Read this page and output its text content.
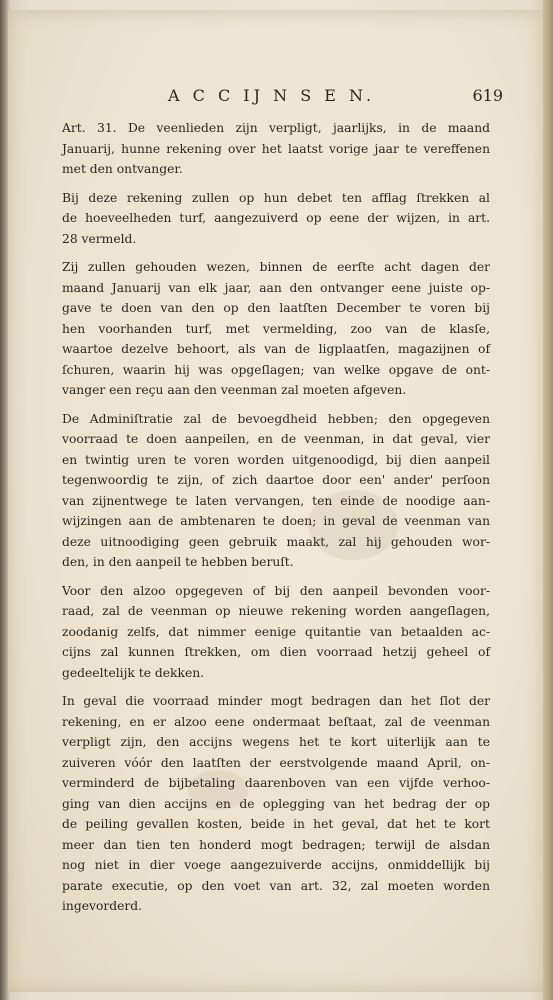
A C C IJ N S E N.	619
Art. 31. De veenlieden zijn verpligt, jaarlijks, in de maand
Januarij, hunne rekening over het laatst vorige jaar te vereffenen
met den ontvanger.
Bij deze rekening zullen op hun debet ten afflag ſtrekken al
de hoeveelheden turf, aangezuiverd op eene der wijzen, in art.
28 vermeld.
Zij zullen gehouden wezen, binnen de eerſte acht dagen der
maand Januarij van elk jaar, aan den ontvanger eene juiste op-
gave te doen van den op den laatſten December te voren bij
hen voorhanden turf, met vermelding, zoo van de klasſe,
waartoe dezelve behoort, als van de ligplaatſen, magazijnen of
ſchuren, waarin hij was opgeſlagen; van welke opgave de ont-
vanger een reçu aan den veenman zal moeten afgeven.
De Adminiſtratie zal de bevoegdheid hebben; den opgegeven
voorraad te doen aanpeilen, en de veenman, in dat geval, vier
en twintig uren te voren worden uitgenoodigd, bij dien aanpeil
tegenwoordig te zijn, of zich daartoe door een' ander' perſoon
van zijnentwege te laten vervangen, ten einde de noodige aan-
wijzingen aan de ambtenaren te doen; in geval de veenman van
deze uitnoodiging geen gebruik maakt, zal hij gehouden wor-
den, in den aanpeil te hebben beruſt.
Voor den alzoo opgegeven of bij den aanpeil bevonden voor-
raad, zal de veenman op nieuwe rekening worden aangeſlagen,
zoodanig zelfs, dat nimmer eenige quitantie van betaalden ac-
cijns zal kunnen ſtrekken, om dien voorraad hetzij geheel of
gedeeltelijk te dekken.
In geval die voorraad minder mogt bedragen dan het ſlot der
rekening, en er alzoo eene ondermaat beſtaat, zal de veenman
verpligt zijn, den accijns wegens het te kort uiterlijk aan te
zuiveren vóór den laatſten der eerstvolgende maand April, on-
verminderd de bijbetaling daarenboven van een vijfde verhoo-
ging van dien accijns en de oplegging van het bedrag der op
de peiling gevallen kosten, beide in het geval, dat het te kort
meer dan tien ten honderd mogt bedragen; terwijl de alsdan
nog niet in dier voege aangezuiverde accijns, onmiddellijk bij
parate executie, op den voet van art. 32, zal moeten worden
ingevorderd.
